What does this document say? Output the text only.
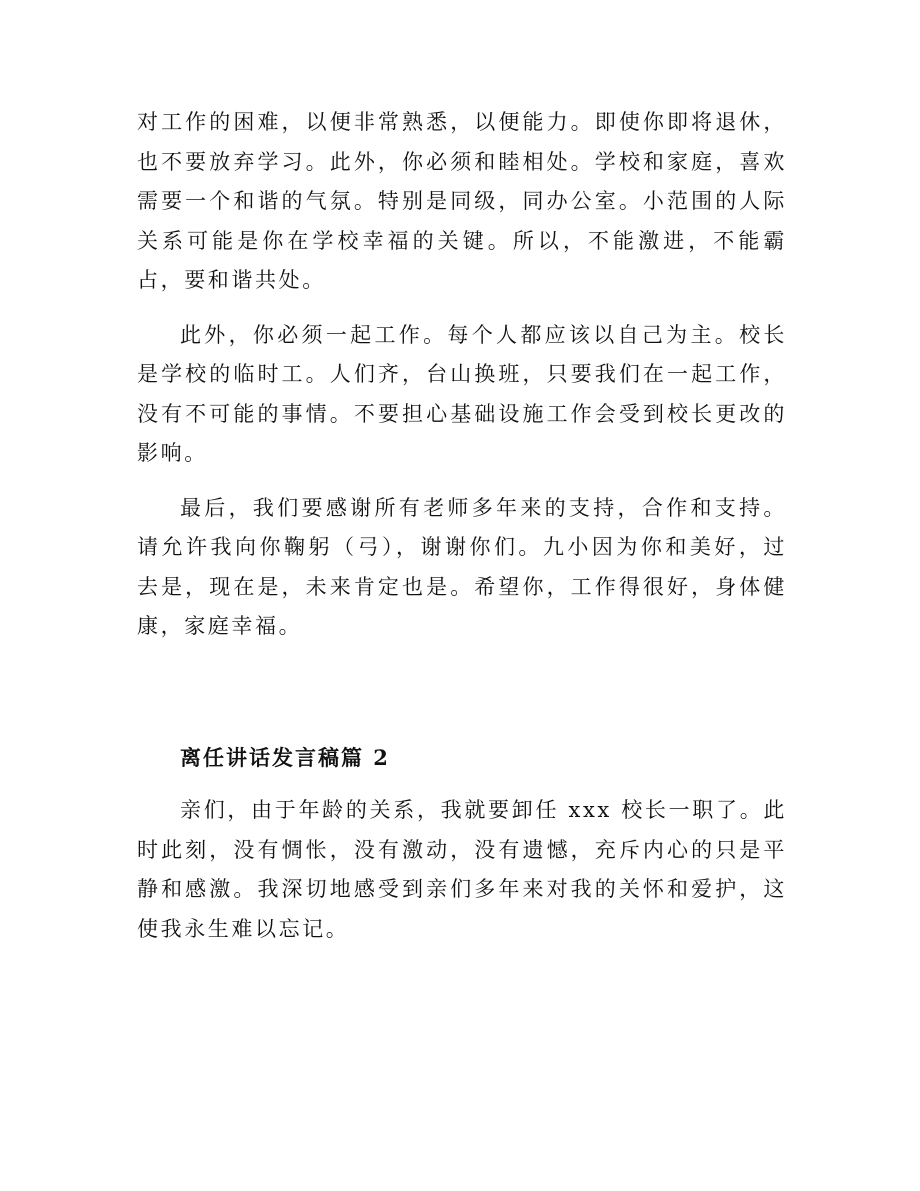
对工作的困难，以便非常熟悉，以便能力。即使你即将退休，也不要放弃学习。此外，你必须和睦相处。学校和家庭，喜欢需要一个和谐的气氛。特别是同级，同办公室。小范围的人际关系可能是你在学校幸福的关键。所以，不能激进，不能霸占，要和谐共处。

此外，你必须一起工作。每个人都应该以自己为主。校长是学校的临时工。人们齐，台山换班，只要我们在一起工作，没有不可能的事情。不要担心基础设施工作会受到校长更改的影响。

最后，我们要感谢所有老师多年来的支持，合作和支持。请允许我向你鞠躬（弓），谢谢你们。九小因为你和美好，过去是，现在是，未来肯定也是。希望你，工作得很好，身体健康，家庭幸福。

离任讲话发言稿篇 2

亲们，由于年龄的关系，我就要卸任 xxx 校长一职了。此时此刻，没有惆怅，没有激动，没有遗憾，充斥内心的只是平静和感激。我深切地感受到亲们多年来对我的关怀和爱护，这使我永生难以忘记。
